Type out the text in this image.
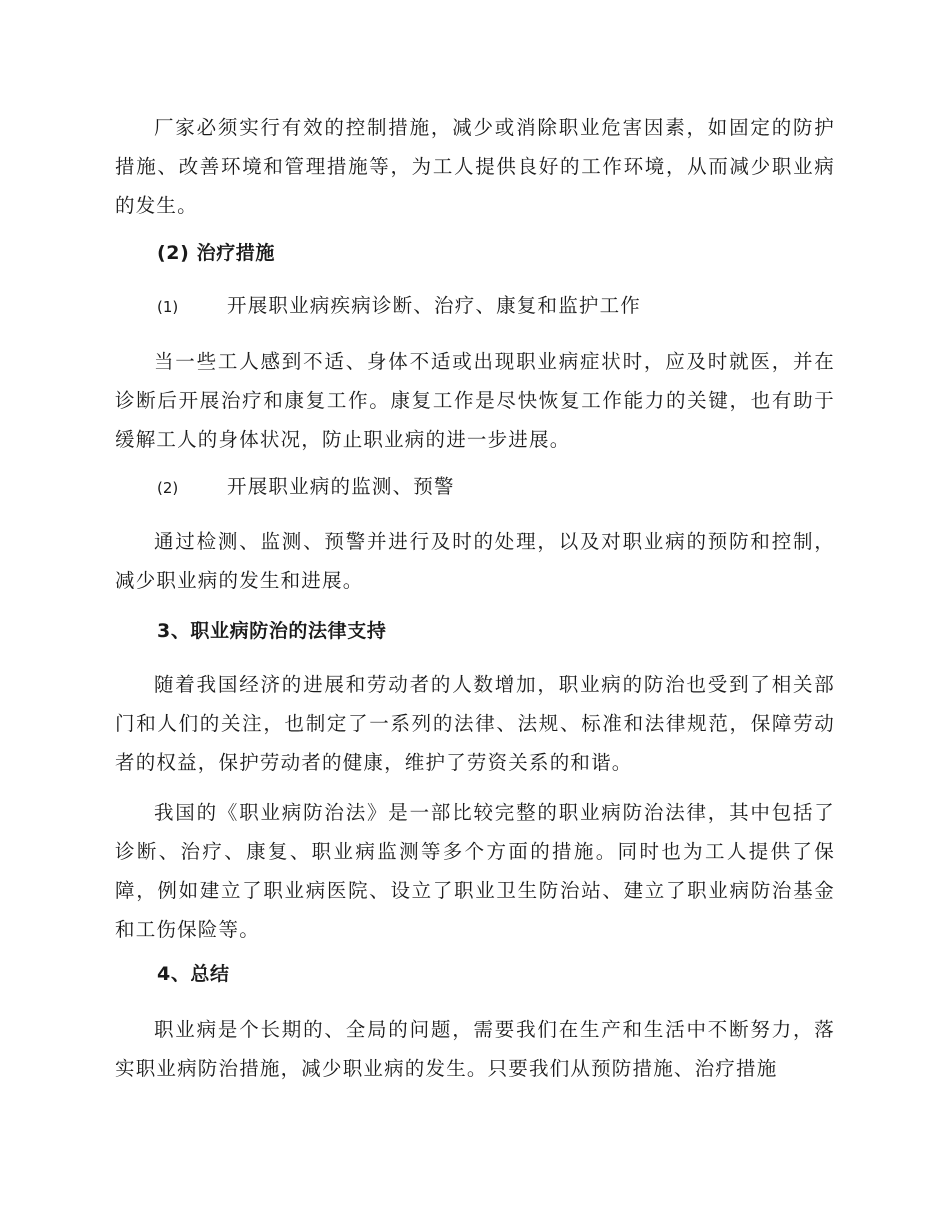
厂家必须实行有效的控制措施，减少或消除职业危害因素，如固定的防护措施、改善环境和管理措施等，为工人提供良好的工作环境，从而减少职业病的发生。

(2) 治疗措施
(1)	开展职业病疾病诊断、治疗、康复和监护工作

当一些工人感到不适、身体不适或出现职业病症状时，应及时就医，并在诊断后开展治疗和康复工作。康复工作是尽快恢复工作能力的关键，也有助于缓解工人的身体状况，防止职业病的进一步进展。

(2)	开展职业病的监测、预警

通过检测、监测、预警并进行及时的处理，以及对职业病的预防和控制，减少职业病的发生和进展。

3、职业病防治的法律支持

随着我国经济的进展和劳动者的人数增加，职业病的防治也受到了相关部门和人们的关注，也制定了一系列的法律、法规、标准和法律规范，保障劳动者的权益，保护劳动者的健康，维护了劳资关系的和谐。

我国的《职业病防治法》是一部比较完整的职业病防治法律，其中包括了诊断、治疗、康复、职业病监测等多个方面的措施。同时也为工人提供了保障，例如建立了职业病医院、设立了职业卫生防治站、建立了职业病防治基金和工伤保险等。

4、总结

职业病是个长期的、全局的问题，需要我们在生产和生活中不断努力，落实职业病防治措施，减少职业病的发生。只要我们从预防措施、治疗措施
